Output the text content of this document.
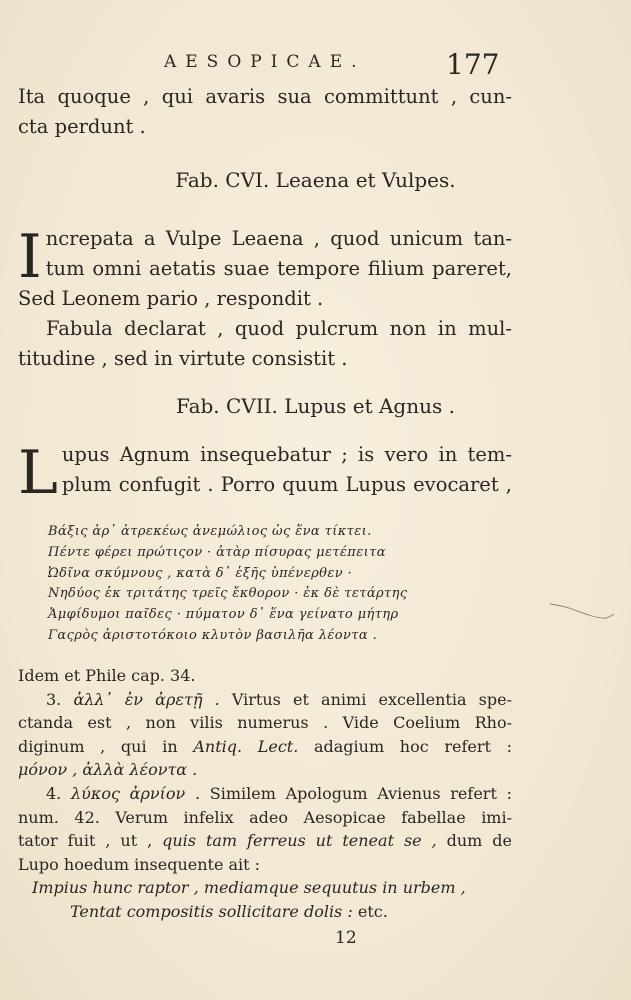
AESOPICAE.	177
Ita quoque , qui avaris sua committunt , cun-
cta perdunt .
Fab. CVI. Leaena et Vulpes.
I ncrepata a Vulpe Leaena , quod unicum tan-
tum omni aetatis suae tempore filium pareret,
Sed Leonem pario , respondit .
Fabula declarat , quod pulcrum non in mul-
titudine , sed in virtute consistit .
Fab. CVII. Lupus et Agnus .
L upus Agnum insequebatur ; is vero in tem-
plum confugit . Porro quum Lupus evocaret ,
Βάξις ἀρ᾽ ἀτρεκέως ἀνεμώλιος ὡς ἕνα τίκτει.
Πέντε φέρει πρώτιςον · ἀτὰρ πίσυρας μετέπειτα
Ὠδῖνα σκύμνους , κατὰ δ᾽ ἑξῆς ὑπένερθεν ·
Νηδύος ἐκ τριτάτης τρεῖς ἔκθορον · ἐκ δὲ τετάρτης
Ἀμφίδυμοι παῖδες · πύματον δ᾽ ἕνα γείνατο μήτηρ
Γαςρὸς ἀριστοτόκοιο κλυτὸν βασιλῆα λέοντα .
Idem et Phile cap. 34.
3. ἀλλ᾽ ἐν ἀρετῇ . Virtus et animi excellentia spe-
ctanda est , non vilis numerus . Vide Coelium Rho-
diginum , qui in Antiq. Lect. adagium hoc refert :
μόνον , ἀλλὰ λέοντα .
4. λύκος ἀρνίον . Similem Apologum Avienus refert :
num. 42. Verum infelix adeo Aesopicae fabellae imi-
tator fuit , ut , quis tam ferreus ut teneat se , dum de
Lupo hoedum insequente ait :
Impius hunc raptor , mediamque sequutus in urbem ,
Tentat compositis sollicitare dolis : etc.
12
